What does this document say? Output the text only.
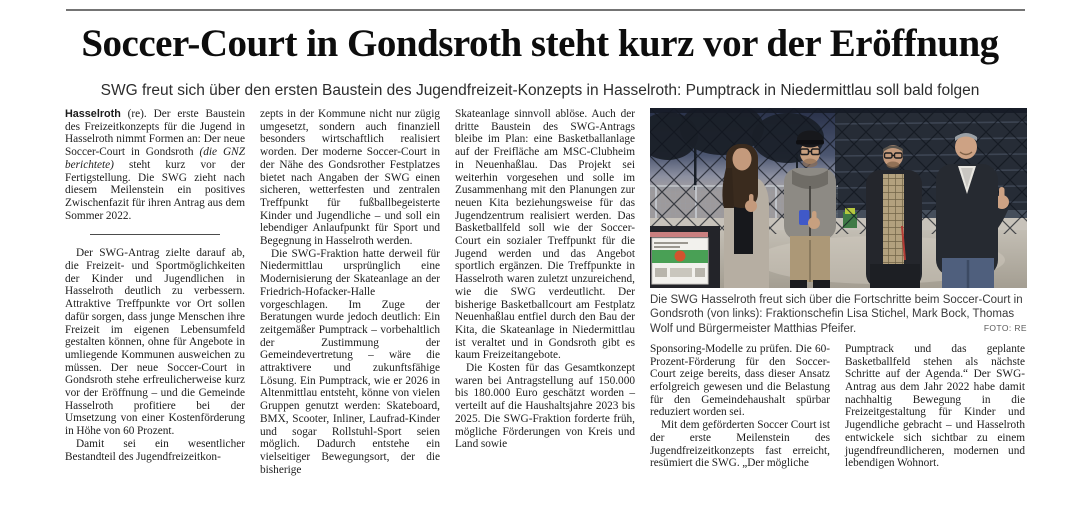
Soccer-Court in Gondsroth steht kurz vor der Eröffnung
SWG freut sich über den ersten Baustein des Jugendfreizeit-Konzepts in Hasselroth: Pumptrack in Niedermittlau soll bald folgen

Hasselroth (re). Der erste Baustein des Freizeitkonzepts für die Jugend in Hasselroth nimmt Formen an: Der neue Soccer-Court in Gondsroth (die GNZ berichtete) steht kurz vor der Fertigstellung. Die SWG zieht nach diesem Meilenstein ein positives Zwischenfazit für ihren Antrag aus dem Sommer 2022.

Der SWG-Antrag zielte darauf ab, die Freizeit- und Sportmöglichkeiten der Kinder und Jugendlichen in Hasselroth deutlich zu verbessern. Attraktive Treffpunkte vor Ort sollen dafür sorgen, dass junge Menschen ihre Freizeit im eigenen Lebensumfeld gestalten können, ohne für Angebote in umliegende Kommunen ausweichen zu müssen. Der neue Soccer-Court in Gondsroth stehe erfreulicherweise kurz vor der Eröffnung – und die Gemeinde Hasselroth profitiere bei der Umsetzung von einer Kostenförderung in Höhe von 60 Prozent.

Damit sei ein wesentlicher Bestandteil des Jugendfreizeitkon-

zepts in der Kommune nicht nur zügig umgesetzt, sondern auch finanziell besonders wirtschaftlich realisiert worden. Der moderne Soccer-Court in der Nähe des Gondsrother Festplatzes bietet nach Angaben der SWG einen sicheren, wetterfesten und zentralen Treffpunkt für fußballbegeisterte Kinder und Jugendliche – und soll ein lebendiger Anlaufpunkt für Sport und Begegnung in Hasselroth werden.

Die SWG-Fraktion hatte derweil für Niedermittlau ursprünglich eine Modernisierung der Skateanlage an der Friedrich-Hofacker-Halle vorgeschlagen. Im Zuge der Beratungen wurde jedoch deutlich: Ein zeitgemäßer Pumptrack – vorbehaltlich der Zustimmung der Gemeindevertretung – wäre die attraktivere und zukunftsfähige Lösung. Ein Pumptrack, wie er 2026 in Altenmittlau entsteht, könne von vielen Gruppen genutzt werden: Skateboard, BMX, Scooter, Inliner, Laufrad-Kinder und sogar Rollstuhl-Sport seien möglich. Dadurch entstehe ein vielseitiger Bewegungsort, der die bisherige

Skateanlage sinnvoll ablöse. Auch der dritte Baustein des SWG-Antrags bleibe im Plan: eine Basketballanlage auf der Freifläche am MSC-Clubheim in Neuenhaßlau. Das Projekt sei weiterhin vorgesehen und solle im Zusammenhang mit den Planungen zur neuen Kita beziehungsweise für das Jugendzentrum realisiert werden. Das Basketballfeld soll wie der Soccer-Court ein sozialer Treffpunkt für die Jugend werden und das Angebot sportlich ergänzen. Die Treffpunkte in Hasselroth waren zuletzt unzureichend, wie die SWG verdeutlicht. Der bisherige Basketballcourt am Festplatz Neuenhaßlau entfiel durch den Bau der Kita, die Skateanlage in Niedermittlau ist veraltet und in Gondsroth gibt es kaum Freizeitangebote.

Die Kosten für das Gesamtkonzept waren bei Antragstellung auf 150.000 bis 180.000 Euro geschätzt worden – verteilt auf die Haushaltsjahre 2023 bis 2025. Die SWG-Fraktion forderte früh, mögliche Förderungen von Kreis und Land sowie

Die SWG Hasselroth freut sich über die Fortschritte beim Soccer-Court in Gondsroth (von links): Fraktionschefin Lisa Stichel, Mark Bock, Thomas Wolf und Bürgermeister Matthias Pfeifer.	FOTO: RE

Sponsoring-Modelle zu prüfen. Die 60-Prozent-Förderung für den Soccer-Court zeige bereits, dass dieser Ansatz erfolgreich gewesen und die Belastung für den Gemeindehaushalt spürbar reduziert worden sei.

Mit dem geförderten Soccer Court ist der erste Meilenstein des Jugendfreizeitkonzepts fast erreicht, resümiert die SWG. „Der mögliche

Pumptrack und das geplante Basketballfeld stehen als nächste Schritte auf der Agenda.“ Der SWG-Antrag aus dem Jahr 2022 habe damit nachhaltig Bewegung in die Freizeitgestaltung für Kinder und Jugendliche gebracht – und Hasselroth entwickele sich sichtbar zu einem jugendfreundlicheren, modernen und lebendigen Wohnort.
